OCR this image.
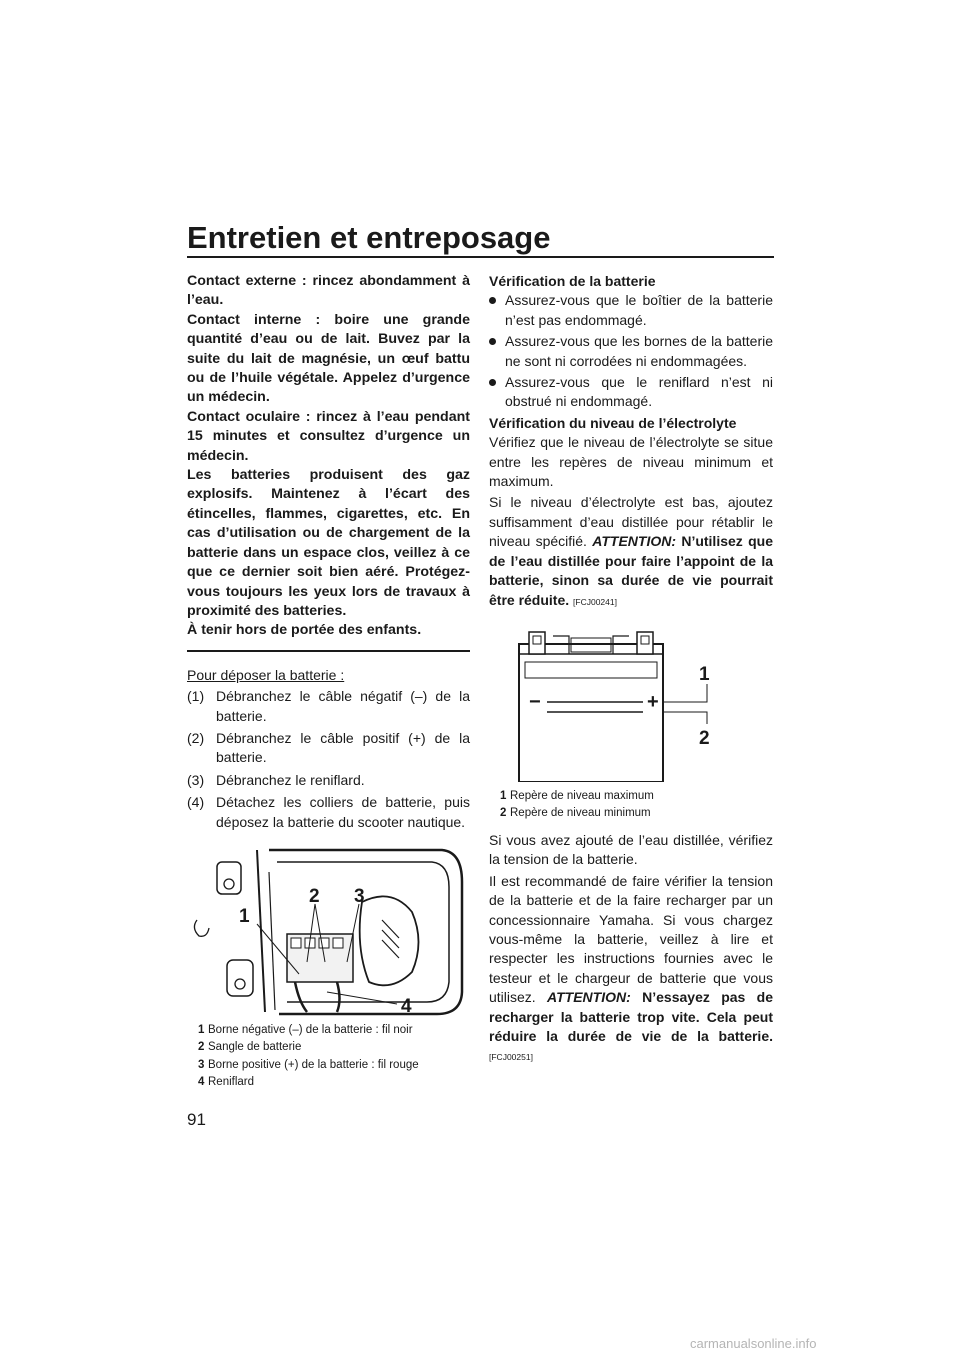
Entretien et entreposage
91

Contact externe : rincez abondamment à l’eau.

Contact interne : boire une grande quantité d’eau ou de lait. Buvez par la suite du lait de magnésie, un œuf battu ou de l’huile végétale. Appelez d’urgence un médecin.

Contact oculaire : rincez à l’eau pendant 15 minutes et consultez d’urgence un médecin.

Les batteries produisent des gaz explosifs. Maintenez à l’écart des étincelles, flammes, cigarettes, etc. En cas d’utilisation ou de chargement de la batterie dans un espace clos, veillez à ce que ce dernier soit bien aéré. Protégez-vous toujours les yeux lors de travaux à proximité des batteries.

À tenir hors de portée des enfants.

Pour déposer la batterie :

(1) Débranchez le câble négatif (–) de la batterie.
(2) Débranchez le câble positif (+) de la batterie.
(3) Débranchez le reniflard.
(4) Détachez les colliers de batterie, puis déposez la batterie du scooter nautique.
1
2 3
4

1 Borne négative (–) de la batterie : fil noir

2 Sangle de batterie

3 Borne positive (+) de la batterie : fil rouge

4 Reniflard

Vérification de la batterie

Assurez-vous que le boîtier de la batterie n’est pas endommagé.
Assurez-vous que les bornes de la batterie ne sont ni corrodées ni endommagées.
Assurez-vous que le reniflard n’est ni obstrué ni endommagé.

Vérification du niveau de l’électrolyte

Vérifiez que le niveau de l’électrolyte se situe entre les repères de niveau minimum et maximum.

Si le niveau d’électrolyte est bas, ajoutez suffisamment d’eau distillée pour rétablir le niveau spécifié. ATTENTION: N’utilisez que de l’eau distillée pour faire l’appoint de la batterie, sinon sa durée de vie pourrait être réduite. [FCJ00241]

−	+
1
2

1 Repère de niveau maximum

2 Repère de niveau minimum

Si vous avez ajouté de l’eau distillée, vérifiez la tension de la batterie.

Il est recommandé de faire vérifier la tension de la batterie et de la faire recharger par un concessionnaire Yamaha. Si vous chargez vous-même la batterie, veillez à lire et respecter les instructions fournies avec le testeur et le chargeur de batterie que vous utilisez. ATTENTION: N’essayez pas de recharger la batterie trop vite. Cela peut réduire la durée de vie de la batterie. [FCJ00251]

carmanualsonline.info
